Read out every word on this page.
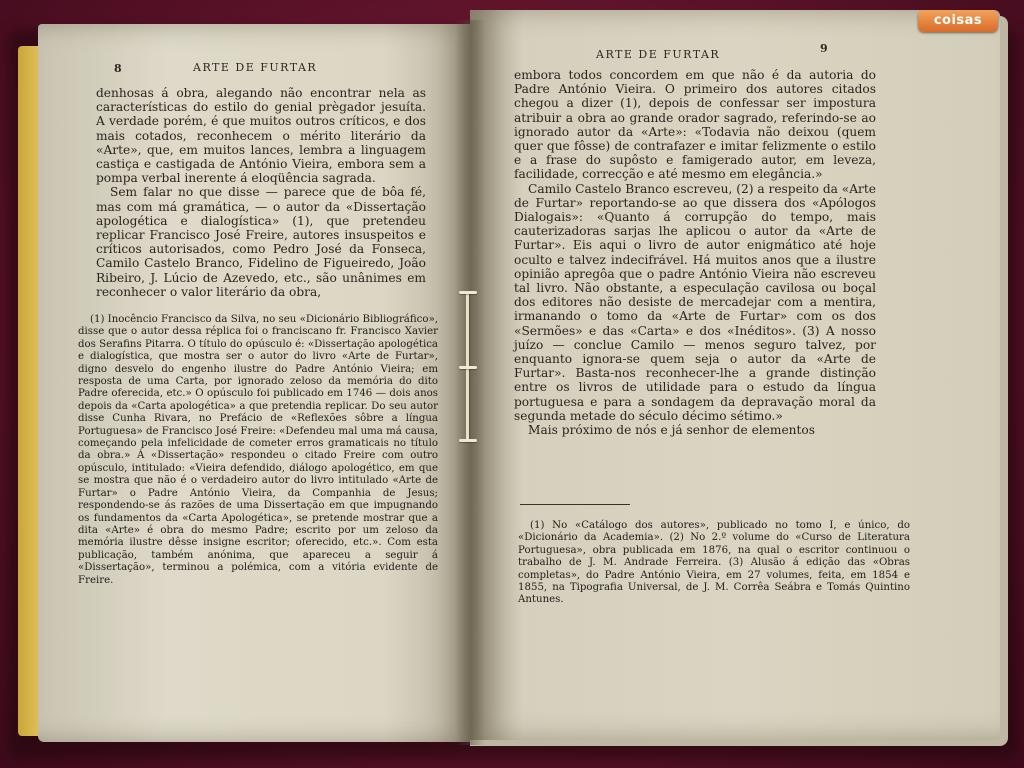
8	ARTE DE FURTAR

denhosas á obra, alegando não encontrar nela as características do estilo do genial prègador jesuíta. A verdade porém, é que muitos outros críticos, e dos mais cotados, reconhecem o mérito literário da «Arte», que, em muitos lances, lembra a linguagem castiça e castigada de António Vieira, embora sem a pompa verbal inerente á eloqüência sagrada.

Sem falar no que disse — parece que de bôa fé, mas com má gramática, — o autor da «Dissertação apologética e dialogística» (1), que pretendeu replicar Francisco José Freire, autores insuspeitos e críticos autorisados, como Pedro José da Fonseca, Camilo Castelo Branco, Fidelino de Figueiredo, João Ribeiro, J. Lúcio de Azevedo, etc., são unânimes em reconhecer o valor literário da obra,

(1) Inocêncio Francisco da Silva, no seu «Dicionário Bibliográfico», disse que o autor dessa réplica foi o franciscano fr. Francisco Xavier dos Serafins Pitarra. O título do opúsculo é: «Dissertação apologética e dialogística, que mostra ser o autor do livro «Arte de Furtar», digno desvelo do engenho ilustre do Padre António Vieira; em resposta de uma Carta, por ignorado zeloso da memória do dito Padre oferecida, etc.» O opúsculo foi publicado em 1746 — dois anos depois da «Carta apologética» a que pretendia replicar. Do seu autor disse Cunha Rivara, no Prefácio de «Reflexões sôbre a língua Portuguesa» de Francisco José Freire: «Defendeu mal uma má causa, começando pela infelicidade de cometer erros gramaticais no título da obra.» Á «Dissertação» respondeu o citado Freire com outro opúsculo, intitulado: «Vieira defendido, diálogo apologético, em que se mostra que não é o verdadeiro autor do livro intitulado «Arte de Furtar» o Padre António Vieira, da Companhia de Jesus; respondendo-se ás razões de uma Dissertação em que impugnando os fundamentos da «Carta Apologética», se pretende mostrar que a dita «Arte» é obra do mesmo Padre; escrito por um zeloso da memória ilustre dêsse insigne escritor; oferecido, etc.». Com esta publicação, também anónima, que apareceu a seguir á «Dissertação», terminou a polémica, com a vitória evidente de Freire.

ARTE DE FURTAR	9

embora todos concordem em que não é da autoria do Padre António Vieira. O primeiro dos autores citados chegou a dizer (1), depois de confessar ser impostura atribuir a obra ao grande orador sagrado, referindo-se ao ignorado autor da «Arte»: «Todavia não deixou (quem quer que fôsse) de contrafazer e imitar felizmente o estilo e a frase do supôsto e famigerado autor, em leveza, facilidade, correcção e até mesmo em elegância.»

Camilo Castelo Branco escreveu, (2) a respeito da «Arte de Furtar» reportando-se ao que dissera dos «Apólogos Dialogais»: «Quanto á corrupção do tempo, mais cauterizadoras sarjas lhe aplicou o autor da «Arte de Furtar». Eis aqui o livro de autor enigmático até hoje oculto e talvez indecifrável. Há muitos anos que a ilustre opinião apregôa que o padre António Vieira não escreveu tal livro. Não obstante, a especulação cavilosa ou boçal dos editores não desiste de mercadejar com a mentira, irmanando o tomo da «Arte de Furtar» com os dos «Sermões» e das «Carta» e dos «Inéditos». (3) A nosso juízo — conclue Camilo — menos seguro talvez, por enquanto ignora-se quem seja o autor da «Arte de Furtar». Basta-nos reconhecer-lhe a grande distinção entre os livros de utilidade para o estudo da língua portuguesa e para a sondagem da depravação moral da segunda metade do século décimo sétimo.»

Mais próximo de nós e já senhor de elementos

(1) No «Catálogo dos autores», publicado no tomo I, e único, do «Dicionário da Academia». (2) No 2.º volume do «Curso de Literatura Portuguesa», obra publicada em 1876, na qual o escritor continuou o trabalho de J. M. Andrade Ferreira. (3) Alusão á edição das «Obras completas», do Padre António Vieira, em 27 volumes, feita, em 1854 e 1855, na Tipografia Universal, de J. M. Corrêa Seábra e Tomás Quintino Antunes.

coisas
